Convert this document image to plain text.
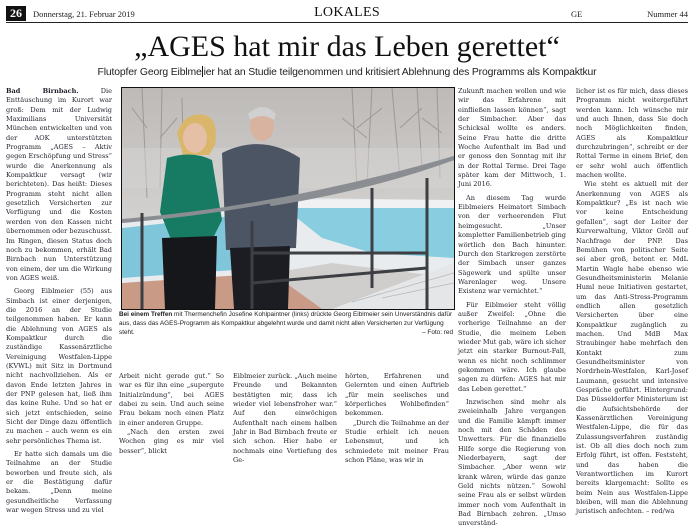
26	Donnerstag, 21. Februar 2019	LOKALES	GE	Nummer 44
„AGES hat mir das Leben gerettet“
Flutopfer Georg Eiblme ier hat an Studie teilgenommen und kritisiert Ablehnung des Programms als Kompaktkur

Bad Birnbach.	Die Enttäuschung im Kurort war groß: Dem mit der Ludwig Maximilians Universität München entwickelten und von der AOK unterstützten Programm „AGES – Aktiv gegen Erschöpfung und Stress“ wurde die Anerkennung als Kompaktkur versagt (wir berichteten). Das heißt: Dieses Programm steht nicht allen gesetzlich Versicherten zur Verfügung und die Kosten werden von den Kassen nicht übernommen oder bezuschusst. Im Ringen, diesen Status doch noch zu bekommen, erhält Bad Birnbach nun Unterstützung von einem, der um die Wirkung von AGES weiß.

Georg Eiblmeier (55) aus Simbach ist einer derjenigen, die 2016 an der Studie teilgenommen haben. Er kann die Ablehnung von AGES als Kompaktkur durch die zuständige Kassenärztliche Vereinigung Westfalen-Lippe (KVWL) mit Sitz in Dortmund nicht nachvollziehen. Als er davon Ende letzten Jahres in der PNP gelesen hat, ließ ihm das keine Ruhe. Und so hat er sich jetzt entschieden, seine Sicht der Dinge dazu öffentlich zu machen – auch wenn es ein sehr persönliches Thema ist.

Er hatte sich damals um die Teilnahme an der Studie beworben und freute sich, als er die Bestätigung dafür bekam. „Denn meine gesundheitliche Verfassung war wegen Stress und zu viel

Bei einem Treffen mit Thermenchefin Josefine Kohlpaintner (links) drückte Georg Eiblmeier sein Unverständnis dafür aus, dass das AGES-Programm als Kompaktkur abgelehnt wurde und damit nicht allen Versicherten zur Verfügung steht.	– Foto: red

Arbeit nicht gerade gut.“ So war es für ihn eine „supergute Initialzündung“, bei AGES dabei zu sein. Und auch seine Frau bekam noch einen Platz in einer anderen Gruppe.

„Nach den ersten zwei Wochen ging es mir viel besser“, blickt

Eiblmeier zurück. „Auch meine Freunde und Bekannten bestätigten mir, dass ich wieder viel lebensfroher war.“ Auf den einwöchigen Aufenthalt nach einem halben Jahr in Bad Birnbach freute er sich schon. Hier habe er nochmals eine Vertiefung des Ge-

hörten, Erfahrenen und Gelernten und einen Auftrieb „für mein seelisches und körperliches Wohlbefinden“ bekommen.

„Durch die Teilnahme an der Studie erhielt ich neuen Lebensmut, und ich schmiedete mit meiner Frau schon Pläne, was wir in

Zukunft machen wollen und wie wir das Erfahrene mit einfließen lassen können“, sagt der Simbacher. Aber das Schicksal wollte es anders. Seine Frau hatte die dritte Woche Aufenthalt im Bad und er genoss den Sonntag mit ihr in der Rottal Terme. Drei Tage später kam der Mittwoch, 1. Juni 2016.

An diesem Tag wurde Eiblmeiers Heimatort Simbach von der verheerenden Flut heimgesucht. „Unser kompletter Familienbetrieb ging wörtlich den Bach hinunter. Durch den Starkregen zerstörte der Simbach unser ganzes Sägewerk und spülte unser Warenlager weg. Unsere Existenz war vernichtet.“

Für Eiblmeier steht völlig außer Zweifel: „Ohne die vorherige Teilnahme an der Studie, die meinem Leben wieder Mut gab, wäre ich sicher jetzt ein starker Burnout-Fall, wenn es nicht noch schlimmer gekommen wäre. Ich glaube sagen zu dürfen: AGES hat mir das Leben gerettet.“

Inzwischen sind mehr als zweieinhalb Jahre vergangen und die Familie kämpft immer noch mit den Schäden des Unwetters. Für die finanzielle Hilfe sorge die Regierung von Niederbayern, sagt der Simbacher. „Aber wenn wir krank wären, würde das ganze Geld nichts nützen.“ Sowohl seine Frau als er selbst würden immer noch vom Aufenthalt in Bad Birnbach zehren. „Umso unverständ-

licher ist es für mich, dass dieses Programm nicht weitergeführt werden kann. Ich wünsche mir und auch Ihnen, dass Sie doch noch Möglichkeiten finden, AGES als Kompaktkur durchzubringen“, schreibt er der Rottal Terme in einem Brief, den er sehr wohl auch öffentlich machen wollte.

Wie steht es aktuell mit der Anerkennung von AGES als Kompaktkur? „Es ist nach wie vor keine Entscheidung gefallen“, sagt der Leiter der Kurverwaltung, Viktor Gröll auf Nachfrage der PNP. Das Bemühen von politischer Seite sei aber groß, betont er. MdL Martin Wagle habe ebenso wie Gesundheitsministerin Melanie Huml neue Initiativen gestartet, um das Anti-Stress-Programm endlich allen gesetzlich Versicherten über eine Kompaktkur zugänglich zu machen. Und MdB Max Straubinger habe mehrfach den Kontakt zum Gesundheitsminister von Nordrhein-Westfalen, Karl-Josef Laumann, gesucht und intensive Gespräche geführt. Hintergrund: Das Düsseldorfer Ministerium ist die Aufsichtsbehörde der Kassenärztlichen Vereinigung Westfalen-Lippe, die für das Zulassungsverfahren zuständig ist. Ob all dies doch noch zum Erfolg führt, ist offen. Feststeht, und das haben die Verantwortlichen im Kurort bereits klargemacht: Sollte es beim Nein aus Westfalen-Lippe bleiben, will man die Ablehnung juristisch anfechten. – red/wa
